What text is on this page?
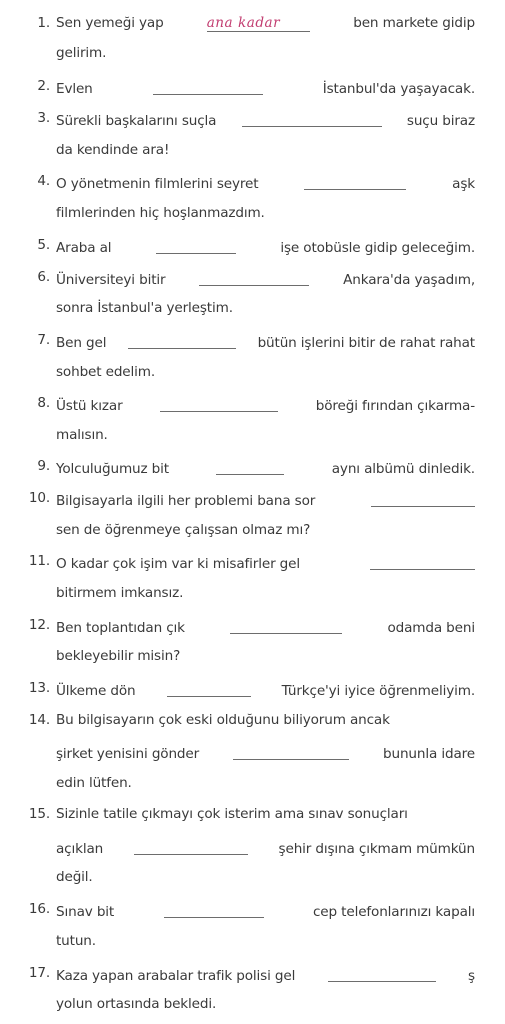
1. Sen yemeği yap	ana kadar	ben markete gidip
gelirim.
2. Evlen	İstanbul'da yaşayacak.
3. Sürekli başkalarını suçla	suçu biraz
da kendinde ara!
4. O yönetmenin filmlerini seyret	aşk
filmlerinden hiç hoşlanmazdım.
5. Araba al	işe otobüsle gidip geleceğim.
6. Üniversiteyi bitir	Ankara'da yaşadım,
sonra İstanbul'a yerleştim.
7. Ben gel	bütün işlerini bitir de rahat rahat
sohbet edelim.
8. Üstü kızar	böreği fırından çıkarma-
malısın.
9. Yolculuğumuz bit	aynı albümü dinledik.
10. Bilgisayarla ilgili her problemi bana sor
sen de öğrenmeye çalışsan olmaz mı?
11. O kadar çok işim var ki misafirler gel
bitirmem imkansız.
12. Ben toplantıdan çık	odamda beni
bekleyebilir misin?
13. Ülkeme dön	Türkçe'yi iyice öğrenmeliyim.
14. Bu bilgisayarın çok eski olduğunu biliyorum ancak
şirket yenisini gönder	bununla idare
edin lütfen.
15. Sizinle tatile çıkmayı çok isterim ama sınav sonuçları
açıklan	şehir dışına çıkmam mümkün
değil.
16. Sınav bit	cep telefonlarınızı kapalı
tutun.
17. Kaza yapan arabalar trafik polisi gel	ş
yolun ortasında bekledi.
